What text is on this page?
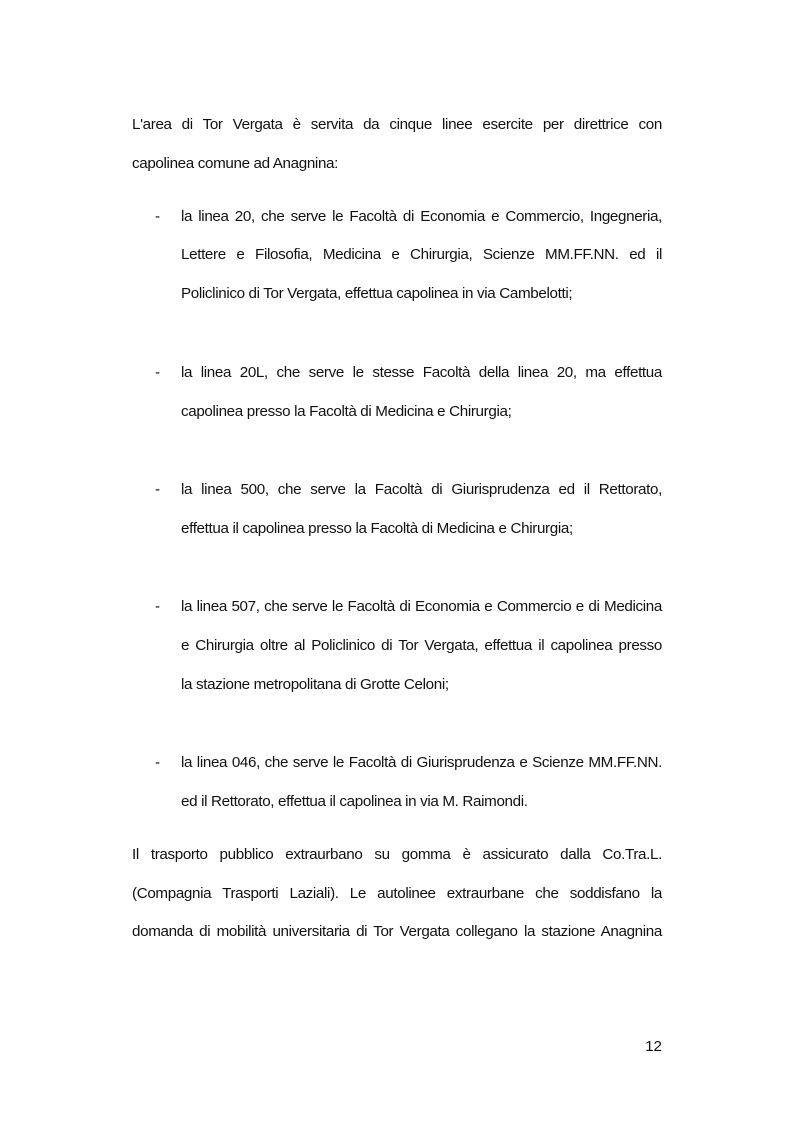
L'area di Tor Vergata è servita da cinque linee esercite per direttrice con
capolinea comune ad Anagnina:
- la linea 20, che serve le Facoltà di Economia e Commercio, Ingegneria,
Lettere e Filosofia, Medicina e Chirurgia, Scienze MM.FF.NN. ed il
Policlinico di Tor Vergata, effettua capolinea in via Cambelotti;
- la linea 20L, che serve le stesse Facoltà della linea 20, ma effettua
capolinea presso la Facoltà di Medicina e Chirurgia;
- la linea 500, che serve la Facoltà di Giurisprudenza ed il Rettorato,
effettua il capolinea presso la Facoltà di Medicina e Chirurgia;
- la linea 507, che serve le Facoltà di Economia e Commercio e di Medicina
e Chirurgia oltre al Policlinico di Tor Vergata, effettua il capolinea presso
la stazione metropolitana di Grotte Celoni;
- la linea 046, che serve le Facoltà di Giurisprudenza e Scienze MM.FF.NN.
ed il Rettorato, effettua il capolinea in via M. Raimondi.
Il trasporto pubblico extraurbano su gomma è assicurato dalla Co.Tra.L.
(Compagnia Trasporti Laziali). Le autolinee extraurbane che soddisfano la
domanda di mobilità universitaria di Tor Vergata collegano la stazione Anagnina
12
